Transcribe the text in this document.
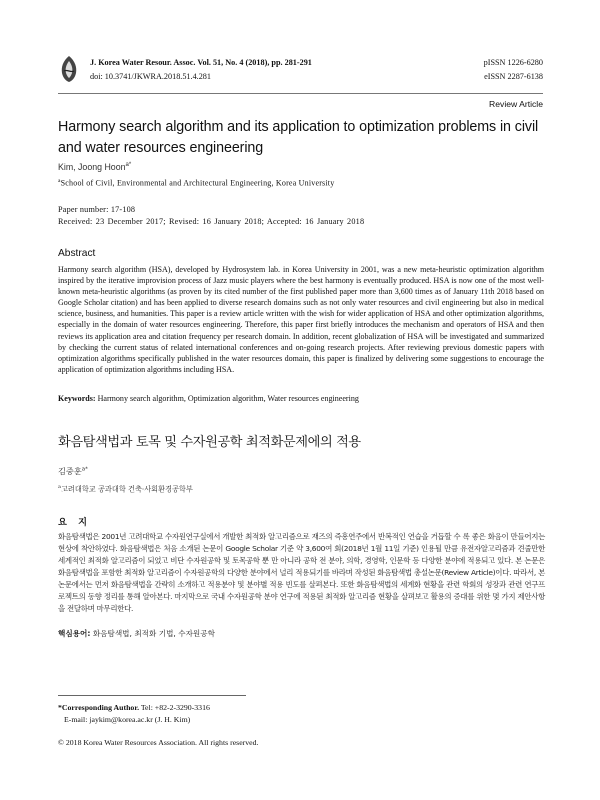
J. Korea Water Resour. Assoc. Vol. 51, No. 4 (2018), pp. 281-291
doi: 10.3741/JKWRA.2018.51.4.281
pISSN 1226-6280
eISSN 2287-6138
Review Article
Harmony search algorithm and its application to optimization problems in civil and water resources engineering
Kim, Joong Hoon$^{a*}$
$^a$School of Civil, Environmental and Architectural Engineering, Korea University
Paper number: 17-108
Received: 23 December 2017; Revised: 16 January 2018; Accepted: 16 January 2018
Abstract
Harmony search algorithm (HSA), developed by Hydrosystem lab. in Korea University in 2001, was a new meta-heuristic optimization algorithm inspired by the iterative improvision process of Jazz music players where the best harmony is eventually produced. HSA is now one of the most well-known meta-heuristic algorithms (as proven by its cited number of the first published paper more than 3,600 times as of January 11th 2018 based on Google Scholar citation) and has been applied to diverse research domains such as not only water resources and civil engineering but also in medical science, business, and humanities. This paper is a review article written with the wish for wider application of HSA and other optimization algorithms, especially in the domain of water resources engineering. Therefore, this paper first briefly introduces the mechanism and operators of HSA and then reviews its application area and citation frequency per research domain. In addition, recent globalization of HSA will be investigated and summarized by checking the current status of related international conferences and on-going research projects. After reviewing previous domestic papers with optimization algorithms specifically published in the water resources domain, this paper is finalized by delivering some suggestions to encourage the application of optimization algorithms including HSA.
Keywords: Harmony search algorithm, Optimization algorithm, Water resources engineering
화음탐색법과 토목 및 수자원공학 최적화문제에의 적용
김중훈$^{a*}$
$^a$고려대학교 공과대학 건축·사회환경공학부
요 지
화음탐색법은 2001년 고려대학교 수자원연구실에서 개발한 최적화 알고리즘으로 재즈의 즉흥연주에서 반복적인 연습을 거듭할 수 록 좋은 화음이 만들어지는 현상에 착안하였다. 화음탐색법은 처음 소개된 논문이 Google Scholar 기준 약 3,600여 회(2018년 1월 11일 기준) 인용될 만큼 유전자알고리즘과 견줄만한 세계적인 최적화 알고리즘이 되었고 비단 수자원공학 및 토목공학 뿐 만 아니라 공학 전 분야, 의학, 경영학, 인문학 등 다양한 분야에 적용되고 있다. 본 논문은 화음탐색법을 포함한 최적화 알고리즘이 수자원공학의 다양한 분야에서 널리 적용되기를 바라며 작성된 화음탐색법 총설논문(Review Article)이다. 따라서, 본 논문에서는 먼저 화음탐색법을 간략히 소개하고 적용분야 및 분야별 적용 빈도를 살펴본다. 또한 화음탐색법의 세계화 현황을 관련 학회의 성장과 관련 연구프로젝트의 동향 정리를 통해 알아본다. 마지막으로 국내 수자원공학 분야 연구에 적용된 최적화 알고리즘 현황을 살펴보고 활용의 증대를 위한 몇 가지 제안사항을 전달하며 마무리한다.
핵심용어: 화음탐색법, 최적화 기법, 수자원공학
*Corresponding Author. Tel: +82-2-3290-3316
E-mail: jaykim@korea.ac.kr (J. H. Kim)
© 2018 Korea Water Resources Association. All rights reserved.
